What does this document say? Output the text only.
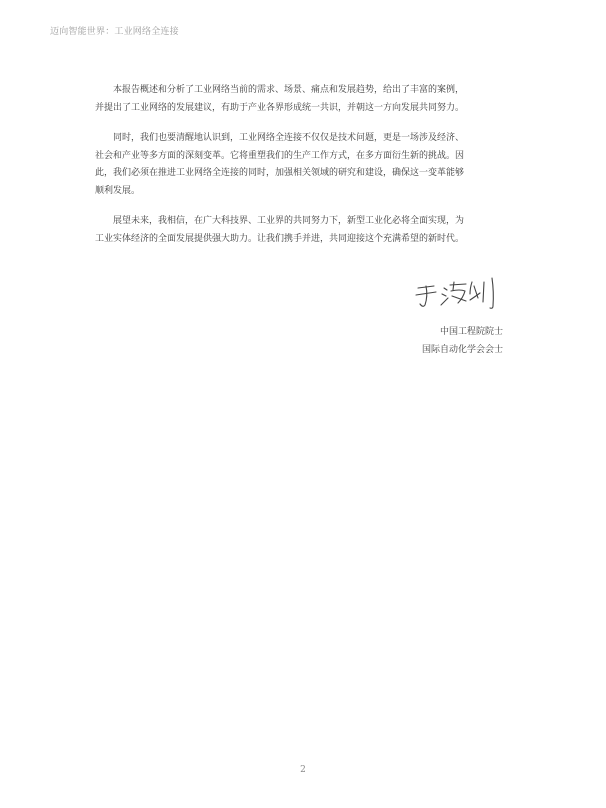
迈向智能世界：工业网络全连接

本报告概述和分析了工业网络当前的需求、场景、痛点和发展趋势，给出了丰富的案例，
并提出了工业网络的发展建议，有助于产业各界形成统一共识，并朝这一方向发展共同努力。

同时，我们也要清醒地认识到，工业网络全连接不仅仅是技术问题，更是一场涉及经济、
社会和产业等多方面的深刻变革。它将重塑我们的生产工作方式，在多方面衍生新的挑战。因
此，我们必须在推进工业网络全连接的同时，加强相关领域的研究和建设，确保这一变革能够
顺利发展。

展望未来，我相信，在广大科技界、工业界的共同努力下，新型工业化必将全面实现，为
工业实体经济的全面发展提供强大助力。让我们携手并进，共同迎接这个充满希望的新时代。

中国工程院院士
国际自动化学会会士
2
